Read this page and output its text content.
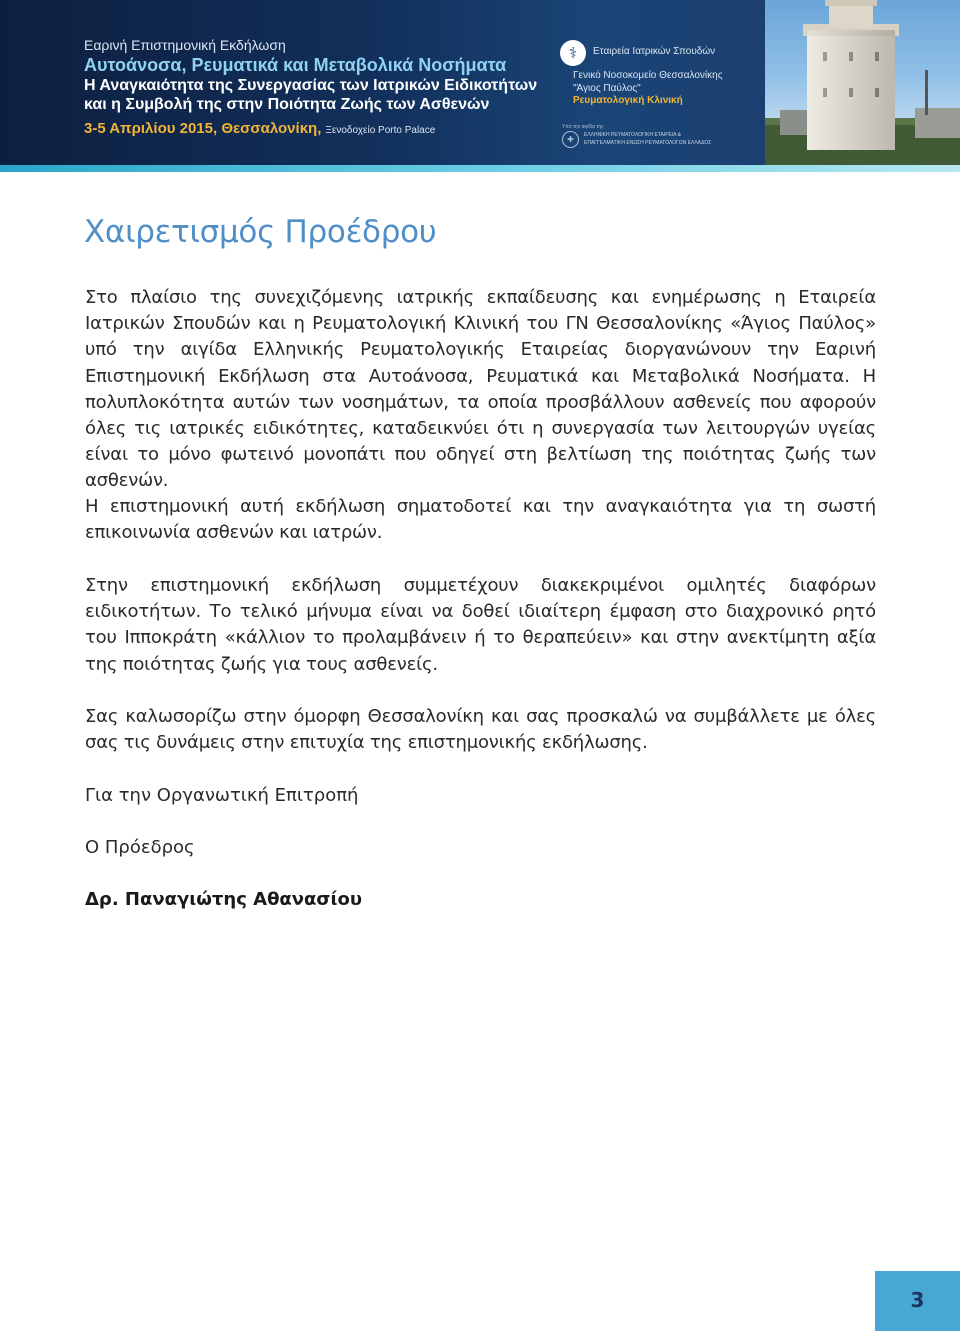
Εαρινή Επιστημονική Εκδήλωση
Αυτοάνοσα, Ρευματικά και Μεταβολικά Νοσήματα
Η Αναγκαιότητα της Συνεργασίας των Ιατρικών Ειδικοτήτων
και η Συμβολή της στην Ποιότητα Ζωής των Ασθενών
3-5 Απριλίου 2015, Θεσσαλονίκη, Ξενοδοχείο Porto Palace
⚕	Εταιρεία Ιατρικών Σπουδών
Γενικό Νοσοκομείο Θεσσαλονίκης
"Άγιος Παύλος"
Ρευματολογική Κλινική
Υπό την αιγίδα της:
✚	ΕΛΛΗΝΙΚΗ ΡΕΥΜΑΤΟΛΟΓΙΚΗ ΕΤΑΙΡΕΙΑ &
ΕΠΑΓΓΕΛΜΑΤΙΚΗ ΕΝΩΣΗ ΡΕΥΜΑΤΟΛΟΓΩΝ ΕΛΛΑΔΟΣ
Χαιρετισμός Προέδρου

Στο πλαίσιο της συνεχιζόμενης ιατρικής εκπαίδευσης και ενημέρωσης η Εταιρεία Ιατρικών Σπουδών και η Ρευματολογική Κλινική του ΓΝ Θεσσαλονίκης «Άγιος Παύλος» υπό την αιγίδα Ελληνικής Ρευματολογικής Εταιρείας διοργανώνουν την Εαρινή Επιστημονική Εκδήλωση στα Αυτοάνοσα, Ρευματικά και Μεταβολικά Νοσήματα. Η πολυπλοκότητα αυτών των νοσημάτων, τα οποία προσβάλλουν ασθενείς που αφορούν όλες τις ιατρικές ειδικότητες, καταδεικνύει ότι η συνεργασία των λειτουργών υγείας είναι το μόνο φωτεινό μονοπάτι που οδηγεί στη βελτίωση της ποιότητας ζωής των ασθενών.

Η επιστημονική αυτή εκδήλωση σηματοδοτεί και την αναγκαιότητα για τη σωστή επικοινωνία ασθενών και ιατρών.

Στην επιστημονική εκδήλωση συμμετέχουν διακεκριμένοι ομιλητές διαφόρων ειδικοτήτων. Το τελικό μήνυμα είναι να δοθεί ιδιαίτερη έμφαση στο διαχρονικό ρητό του Ιπποκράτη «κάλλιον το προλαμβάνειν ή το θεραπεύειν» και στην ανεκτίμητη αξία της ποιότητας ζωής για τους ασθενείς.

Σας καλωσορίζω στην όμορφη Θεσσαλονίκη και σας προσκαλώ να συμβάλλετε με όλες σας τις δυνάμεις στην επιτυχία της επιστημονικής εκδήλωσης.

Για την Οργανωτική Επιτροπή

Ο Πρόεδρος

Δρ. Παναγιώτης Αθανασίου

3
